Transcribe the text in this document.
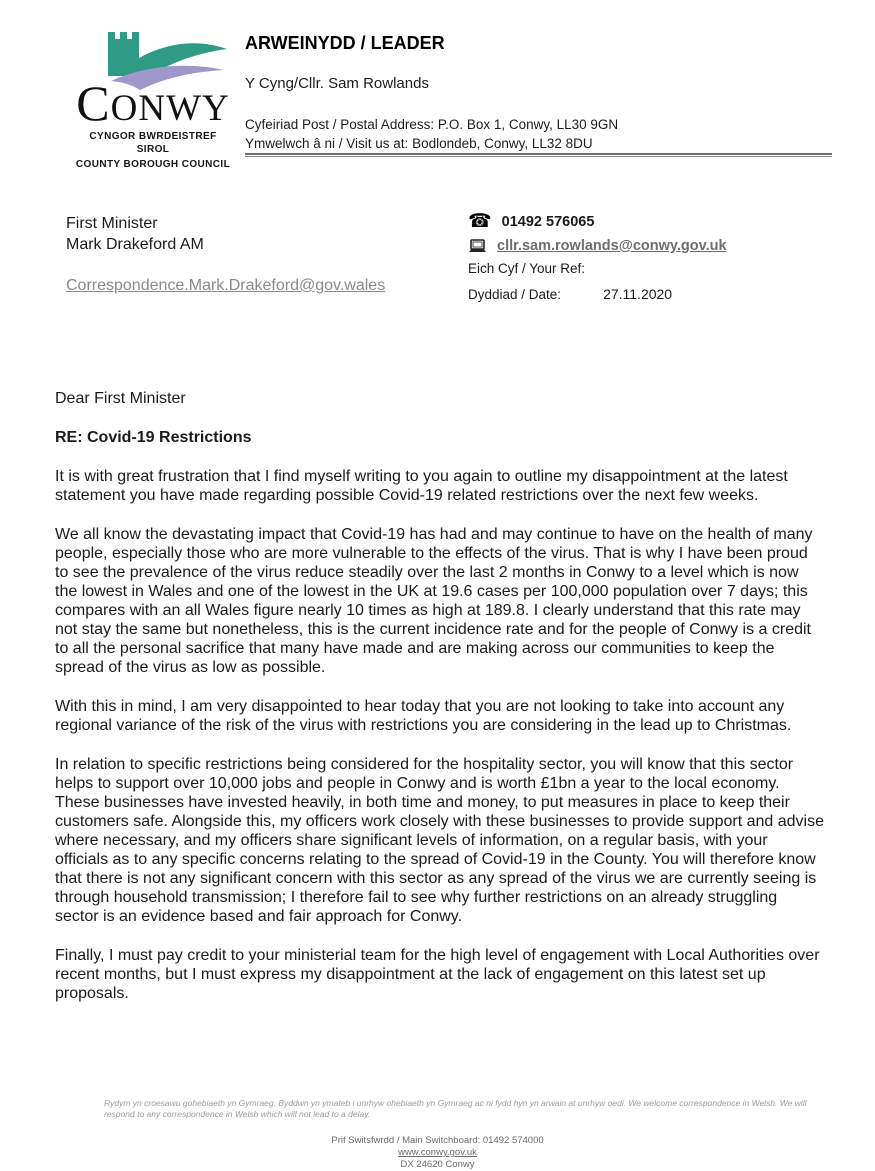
CONWY
CYNGOR BWRDEISTREF SIROL
COUNTY BOROUGH COUNCIL
ARWEINYDD / LEADER
Y Cyng/Cllr. Sam Rowlands
Cyfeiriad Post / Postal Address: P.O. Box 1, Conwy, LL30 9GN
Ymwelwch â ni / Visit us at: Bodlondeb, Conwy, LL32 8DU
First Minister
Mark Drakeford AM
Correspondence.Mark.Drakeford@gov.wales
☎ 01492 576065
cllr.sam.rowlands@conwy.gov.uk
Eich Cyf / Your Ref:
Dyddiad / Date:	27.11.2020

Dear First Minister

RE: Covid-19 Restrictions

It is with great frustration that I find myself writing to you again to outline my disappointment at the latest statement you have made regarding possible Covid-19 related restrictions over the next few weeks.

We all know the devastating impact that Covid-19 has had and may continue to have on the health of many people, especially those who are more vulnerable to the effects of the virus. That is why I have been proud to see the prevalence of the virus reduce steadily over the last 2 months in Conwy to a level which is now the lowest in Wales and one of the lowest in the UK at 19.6 cases per 100,000 population over 7 days; this compares with an all Wales figure nearly 10 times as high at 189.8. I clearly understand that this rate may not stay the same but nonetheless, this is the current incidence rate and for the people of Conwy is a credit to all the personal sacrifice that many have made and are making across our communities to keep the spread of the virus as low as possible.

With this in mind, I am very disappointed to hear today that you are not looking to take into account any regional variance of the risk of the virus with restrictions you are considering in the lead up to Christmas.

In relation to specific restrictions being considered for the hospitality sector, you will know that this sector helps to support over 10,000 jobs and people in Conwy and is worth £1bn a year to the local economy. These businesses have invested heavily, in both time and money, to put measures in place to keep their customers safe. Alongside this, my officers work closely with these businesses to provide support and advise where necessary, and my officers share significant levels of information, on a regular basis, with your officials as to any specific concerns relating to the spread of Covid-19 in the County. You will therefore know that there is not any significant concern with this sector as any spread of the virus we are currently seeing is through household transmission; I therefore fail to see why further restrictions on an already struggling sector is an evidence based and fair approach for Conwy.

Finally, I must pay credit to your ministerial team for the high level of engagement with Local Authorities over recent months, but I must express my disappointment at the lack of engagement on this latest set up proposals.

Rydym yn croesawu gohebiaeth yn Gymraeg. Byddwn yn ymateb i unrhyw ohebiaeth yn Gymraeg ac ni fydd hyn yn arwain at unrhyw oedi. We welcome correspondence in Welsh. We will respond to any correspondence in Welsh which will not lead to a delay.
Prif Switsfwrdd / Main Switchboard: 01492 574000
www.conwy.gov.uk
DX 24620 Conwy
